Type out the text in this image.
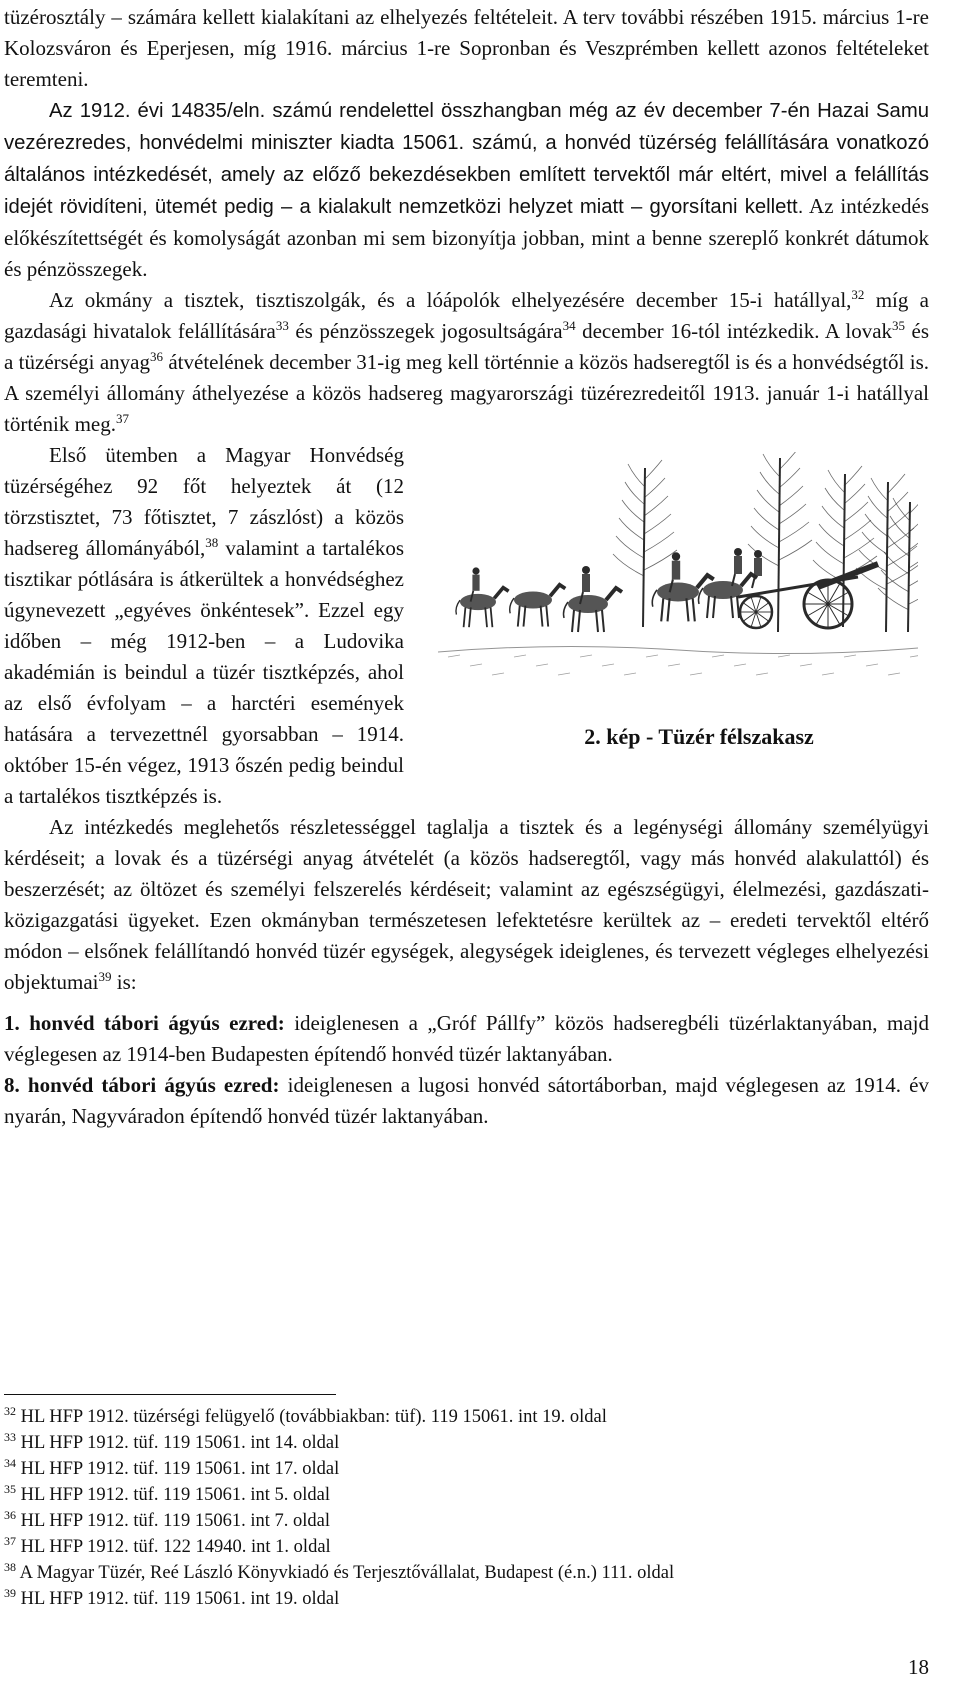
tüzérosztály – számára kellett kialakítani az elhelyezés feltételeit. A terv további részében 1915. március 1-re Kolozsváron és Eperjesen, míg 1916. március 1-re Sopronban és Veszprémben kellett azonos feltételeket teremteni.

Az 1912. évi 14835/eln. számú rendelettel összhangban még az év december 7-én Hazai Samu vezérezredes, honvédelmi miniszter kiadta 15061. számú, a honvéd tüzérség felállítására vonatkozó általános intézkedését, amely az előző bekezdésekben említett tervektől már eltért, mivel a felállítás idejét rövidíteni, ütemét pedig – a kialakult nemzetközi helyzet miatt – gyorsítani kellett. Az intézkedés előkészítettségét és komolyságát azonban mi sem bizonyítja jobban, mint a benne szereplő konkrét dátumok és pénzösszegek.

Az okmány a tisztek, tisztiszolgák, és a lóápolók elhelyezésére december 15-i hatállyal,$^{32}$ míg a gazdasági hivatalok felállítására$^{33}$ és pénzösszegek jogosultságára$^{34}$ december 16-tól intézkedik. A lovak$^{35}$ és a tüzérségi anyag$^{36}$ átvételének december 31-ig meg kell történnie a közös hadseregtől is és a honvédségtől is. A személyi állomány áthelyezése a közös hadsereg magyarországi tüzérezredeitől 1913. január 1-i hatállyal történik meg.$^{37}$

2. kép - Tüzér félszakasz
Első ütemben a Magyar Honvédség tüzérségéhez 92 főt helyeztek át (12 törzstisztet, 73 főtisztet, 7 zászlóst) a közös hadsereg állományából,$^{38}$ valamint a tartalékos tisztikar pótlására is átkerültek a honvédséghez úgynevezett „egyéves önkéntesek”. Ezzel egy időben – még 1912-ben – a Ludovika akadémián is beindul a tüzér tisztképzés, ahol az első évfolyam – a harctéri események hatására a tervezettnél gyorsabban – 1914. október 15-én végez, 1913 őszén pedig beindul a tartalékos tisztképzés is.

Az intézkedés meglehetős részletességgel taglalja a tisztek és a legénységi állomány személyügyi kérdéseit; a lovak és a tüzérségi anyag átvételét (a közös hadseregtől, vagy más honvéd alakulattól) és beszerzését; az öltözet és személyi felszerelés kérdéseit; valamint az egészségügyi, élelmezési, gazdászati-közigazgatási ügyeket. Ezen okmányban természetesen lefektetésre kerültek az – eredeti tervektől eltérő módon – elsőnek felállítandó honvéd tüzér egységek, alegységek ideiglenes, és tervezett végleges elhelyezési objektumai$^{39}$ is:

1. honvéd tábori ágyús ezred: ideiglenesen a „Gróf Pállfy” közös hadseregbéli tüzérlaktanyában, majd véglegesen az 1914-ben Budapesten építendő honvéd tüzér laktanyában.

8. honvéd tábori ágyús ezred: ideiglenesen a lugosi honvéd sátortáborban, majd véglegesen az 1914. év nyarán, Nagyváradon építendő honvéd tüzér laktanyában.

$^{32}$ HL HFP 1912. tüzérségi felügyelő (továbbiakban: tüf). 119 15061. int 19. oldal
$^{33}$ HL HFP 1912. tüf. 119 15061. int 14. oldal
$^{34}$ HL HFP 1912. tüf. 119 15061. int 17. oldal
$^{35}$ HL HFP 1912. tüf. 119 15061. int 5. oldal
$^{36}$ HL HFP 1912. tüf. 119 15061. int 7. oldal
$^{37}$ HL HFP 1912. tüf. 122 14940. int 1. oldal
$^{38}$ A Magyar Tüzér, Reé László Könyvkiadó és Terjesztővállalat, Budapest (é.n.) 111. oldal
$^{39}$ HL HFP 1912. tüf. 119 15061. int 19. oldal
18
